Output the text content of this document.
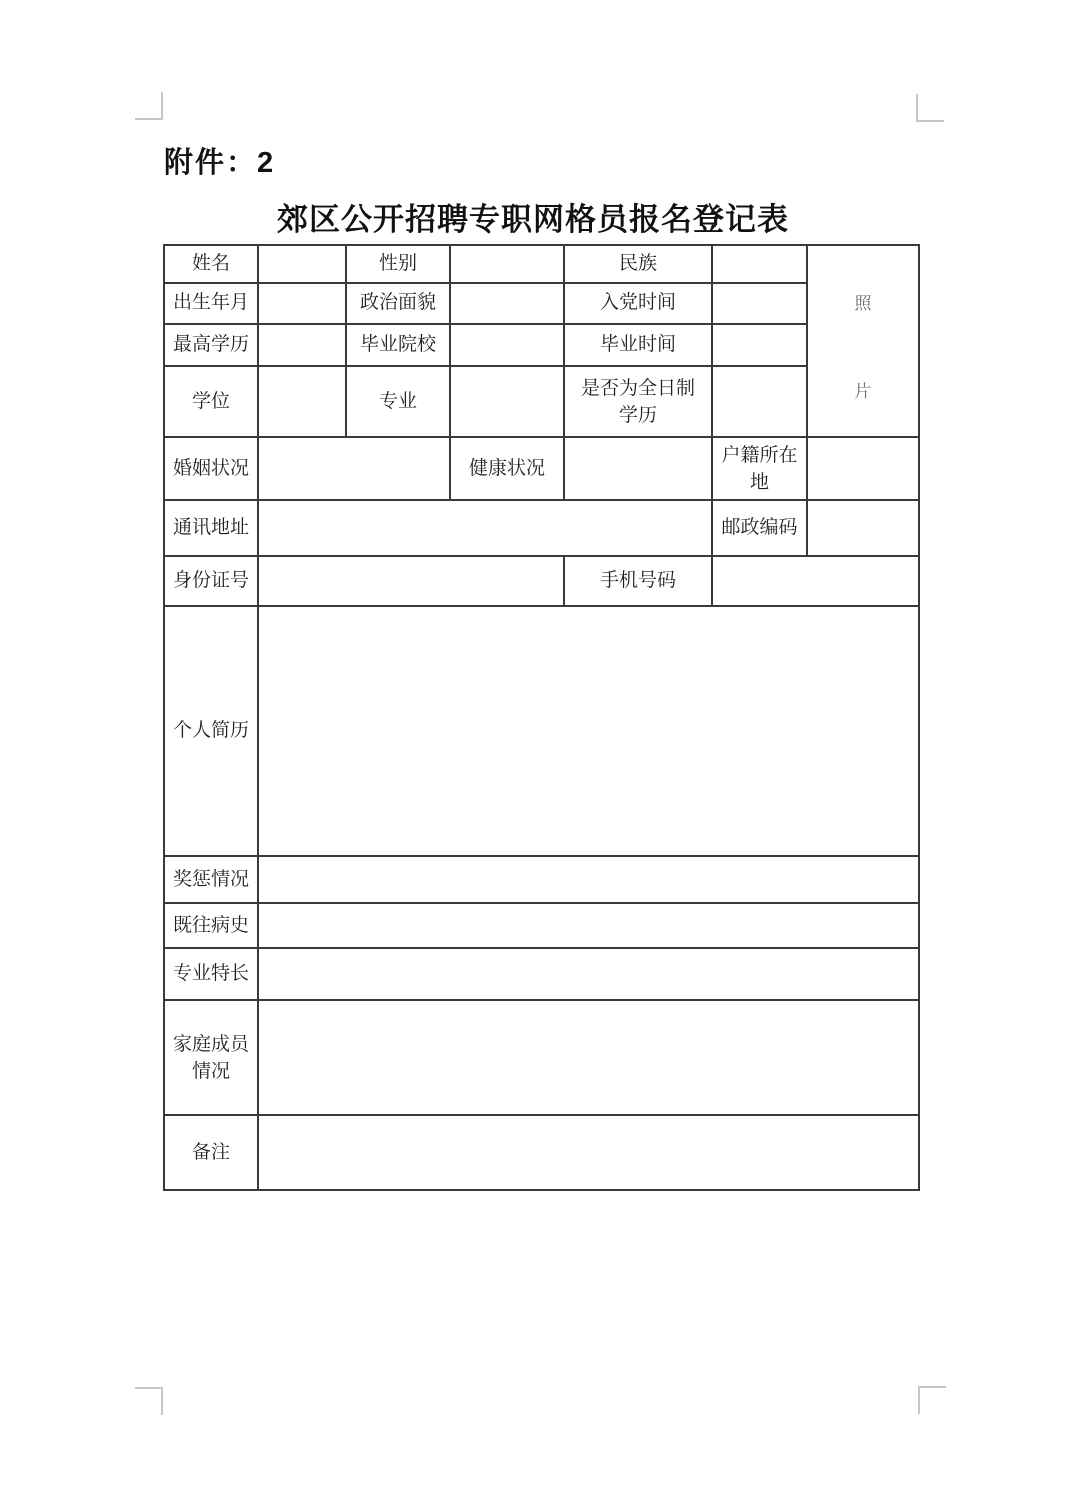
附件：2
郊区公开招聘专职网格员报名登记表
姓名		性别		民族		照片
出生年月		政治面貌		入党时间		
最高学历		毕业院校		毕业时间		
学位		专业		是否为全日制学历		
婚姻状况			健康状况		户籍所在地	
通讯地址					邮政编码	
身份证号				手机号码		
个人简历						
奖惩情况						
既往病史						
专业特长						
家庭成员情况						
备注						
